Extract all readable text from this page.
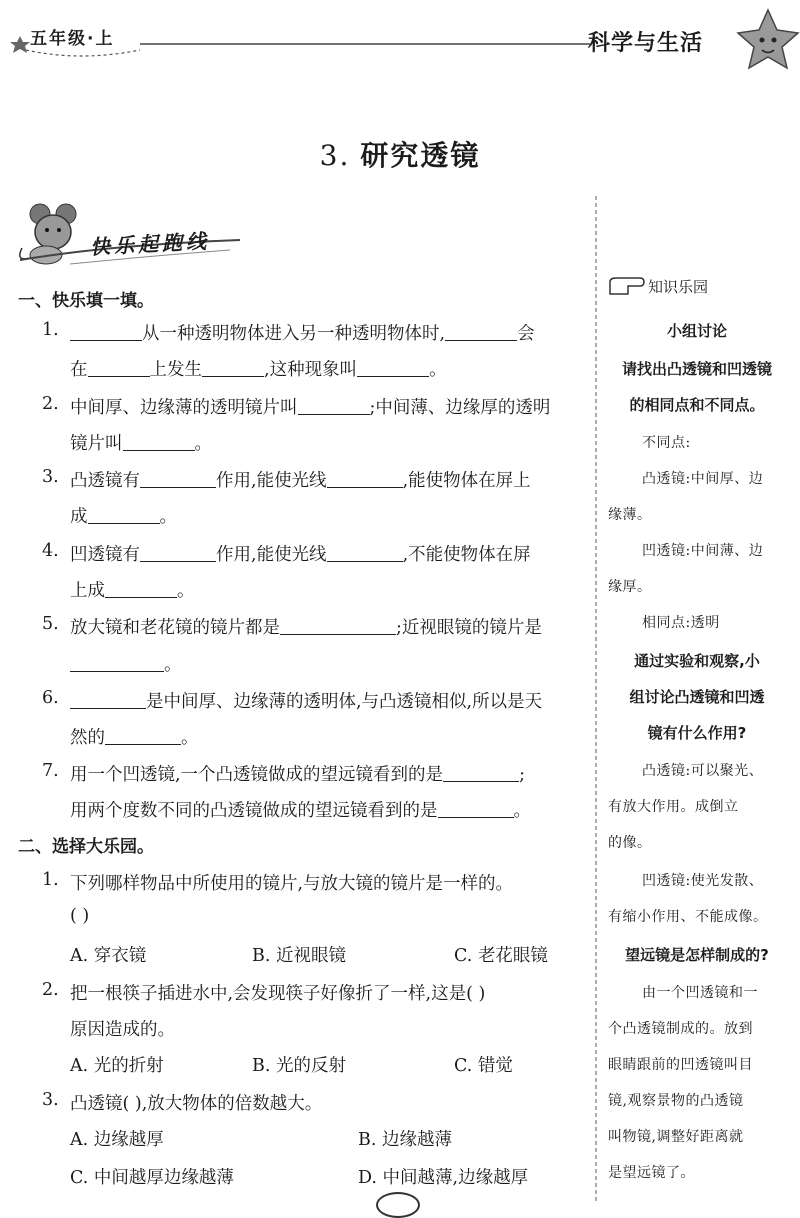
五年级·上	科学与生活
3. 研究透镜
快乐起跑线
一、快乐填一填。
1.	从一种透明物体进入另一种透明物体时,	会
在	上发生	,这种现象叫	。
2. 中间厚、边缘薄的透明镜片叫	;中间薄、边缘厚的透明
镜片叫	。
3. 凸透镜有	作用,能使光线	,能使物体在屏上
成	。
4. 凹透镜有	作用,能使光线	,不能使物体在屏
上成	。
5. 放大镜和老花镜的镜片都是	;近视眼镜的镜片是
。
6.	是中间厚、边缘薄的透明体,与凸透镜相似,所以是天
然的	。
7. 用一个凹透镜,一个凸透镜做成的望远镜看到的是	;
用两个度数不同的凸透镜做成的望远镜看到的是	。
二、选择大乐园。
1. 下列哪样物品中所使用的镜片,与放大镜的镜片是一样的。
( )
A. 穿衣镜	B. 近视眼镜	C. 老花眼镜
2. 把一根筷子插进水中,会发现筷子好像折了一样,这是( )
原因造成的。
A. 光的折射	B. 光的反射	C. 错觉
3. 凸透镜( ),放大物体的倍数越大。
A. 边缘越厚	B. 边缘越薄
C. 中间越厚边缘越薄	D. 中间越薄,边缘越厚
知识乐园
小组讨论
请找出凸透镜和凹透镜
的相同点和不同点。
不同点:
凸透镜:中间厚、边
缘薄。
凹透镜:中间薄、边
缘厚。
相同点:透明
通过实验和观察,小
组讨论凸透镜和凹透
镜有什么作用?
凸透镜:可以聚光、
有放大作用。成倒立
的像。
凹透镜:使光发散、
有缩小作用、不能成像。
望远镜是怎样制成的?
由一个凹透镜和一
个凸透镜制成的。放到
眼睛跟前的凹透镜叫目
镜,观察景物的凸透镜
叫物镜,调整好距离就
是望远镜了。
